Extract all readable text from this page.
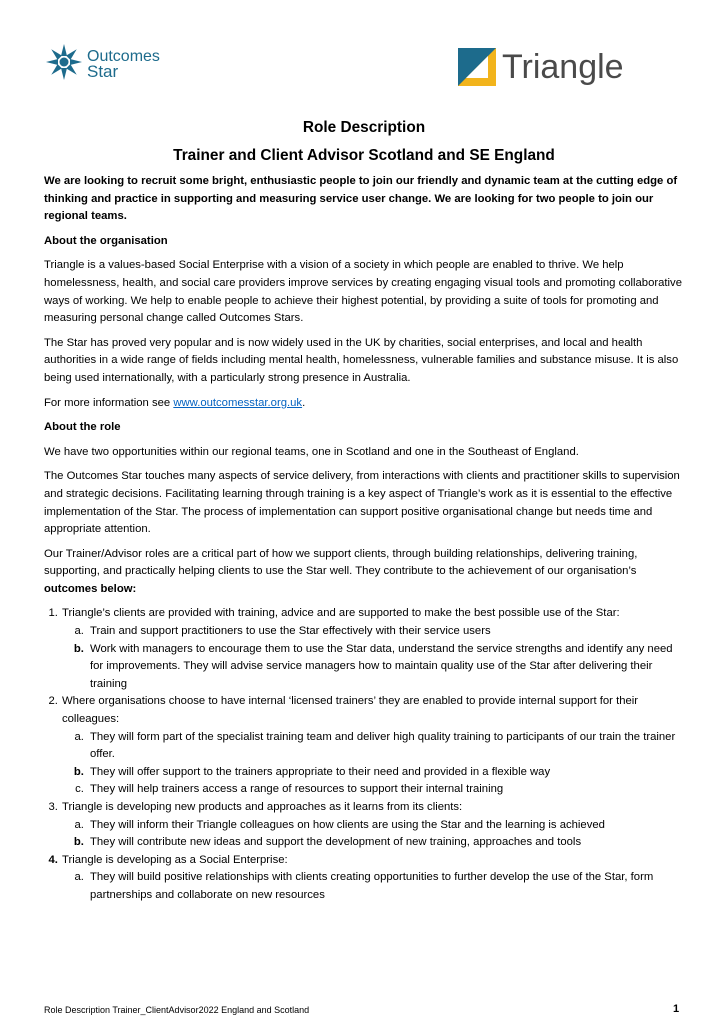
Outcomes
Star	Triangle
Role Description
Trainer and Client Advisor Scotland and SE England

We are looking to recruit some bright, enthusiastic people to join our friendly and dynamic team at the cutting edge of thinking and practice in supporting and measuring service user change. We are looking for two people to join our regional teams.

About the organisation

Triangle is a values-based Social Enterprise with a vision of a society in which people are enabled to thrive. We help homelessness, health, and social care providers improve services by creating engaging visual tools and promoting collaborative ways of working. We help to enable people to achieve their highest potential, by providing a suite of tools for promoting and measuring personal change called Outcomes Stars.

The Star has proved very popular and is now widely used in the UK by charities, social enterprises, and local and health authorities in a wide range of fields including mental health, homelessness, vulnerable families and substance misuse. It is also being used internationally, with a particularly strong presence in Australia.

For more information see www.outcomesstar.org.uk.

About the role

We have two opportunities within our regional teams, one in Scotland and one in the Southeast of England.

The Outcomes Star touches many aspects of service delivery, from interactions with clients and practitioner skills to supervision and strategic decisions. Facilitating learning through training is a key aspect of Triangle’s work as it is essential to the effective implementation of the Star. The process of implementation can support positive organisational change but needs time and appropriate attention.

Our Trainer/Advisor roles are a critical part of how we support clients, through building relationships, delivering training, supporting, and practically helping clients to use the Star well. They contribute to the achievement of our organisation’s outcomes below:

1. Triangle’s clients are provided with training, advice and are supported to make the best possible use of the Star:
a. Train and support practitioners to use the Star effectively with their service users
b. Work with managers to encourage them to use the Star data, understand the service strengths and identify any need for improvements. They will advise service managers how to maintain quality use of the Star after delivering their training
2. Where organisations choose to have internal ‘licensed trainers’ they are enabled to provide internal support for their colleagues:
a. They will form part of the specialist training team and deliver high quality training to participants of our train the trainer offer.
b. They will offer support to the trainers appropriate to their need and provided in a flexible way
c. They will help trainers access a range of resources to support their internal training
3. Triangle is developing new products and approaches as it learns from its clients:
a. They will inform their Triangle colleagues on how clients are using the Star and the learning is achieved
b. They will contribute new ideas and support the development of new training, approaches and tools
4. Triangle is developing as a Social Enterprise:
a. They will build positive relationships with clients creating opportunities to further develop the use of the Star, form partnerships and collaborate on new resources
Role Description Trainer_ClientAdvisor2022 England and Scotland	1
